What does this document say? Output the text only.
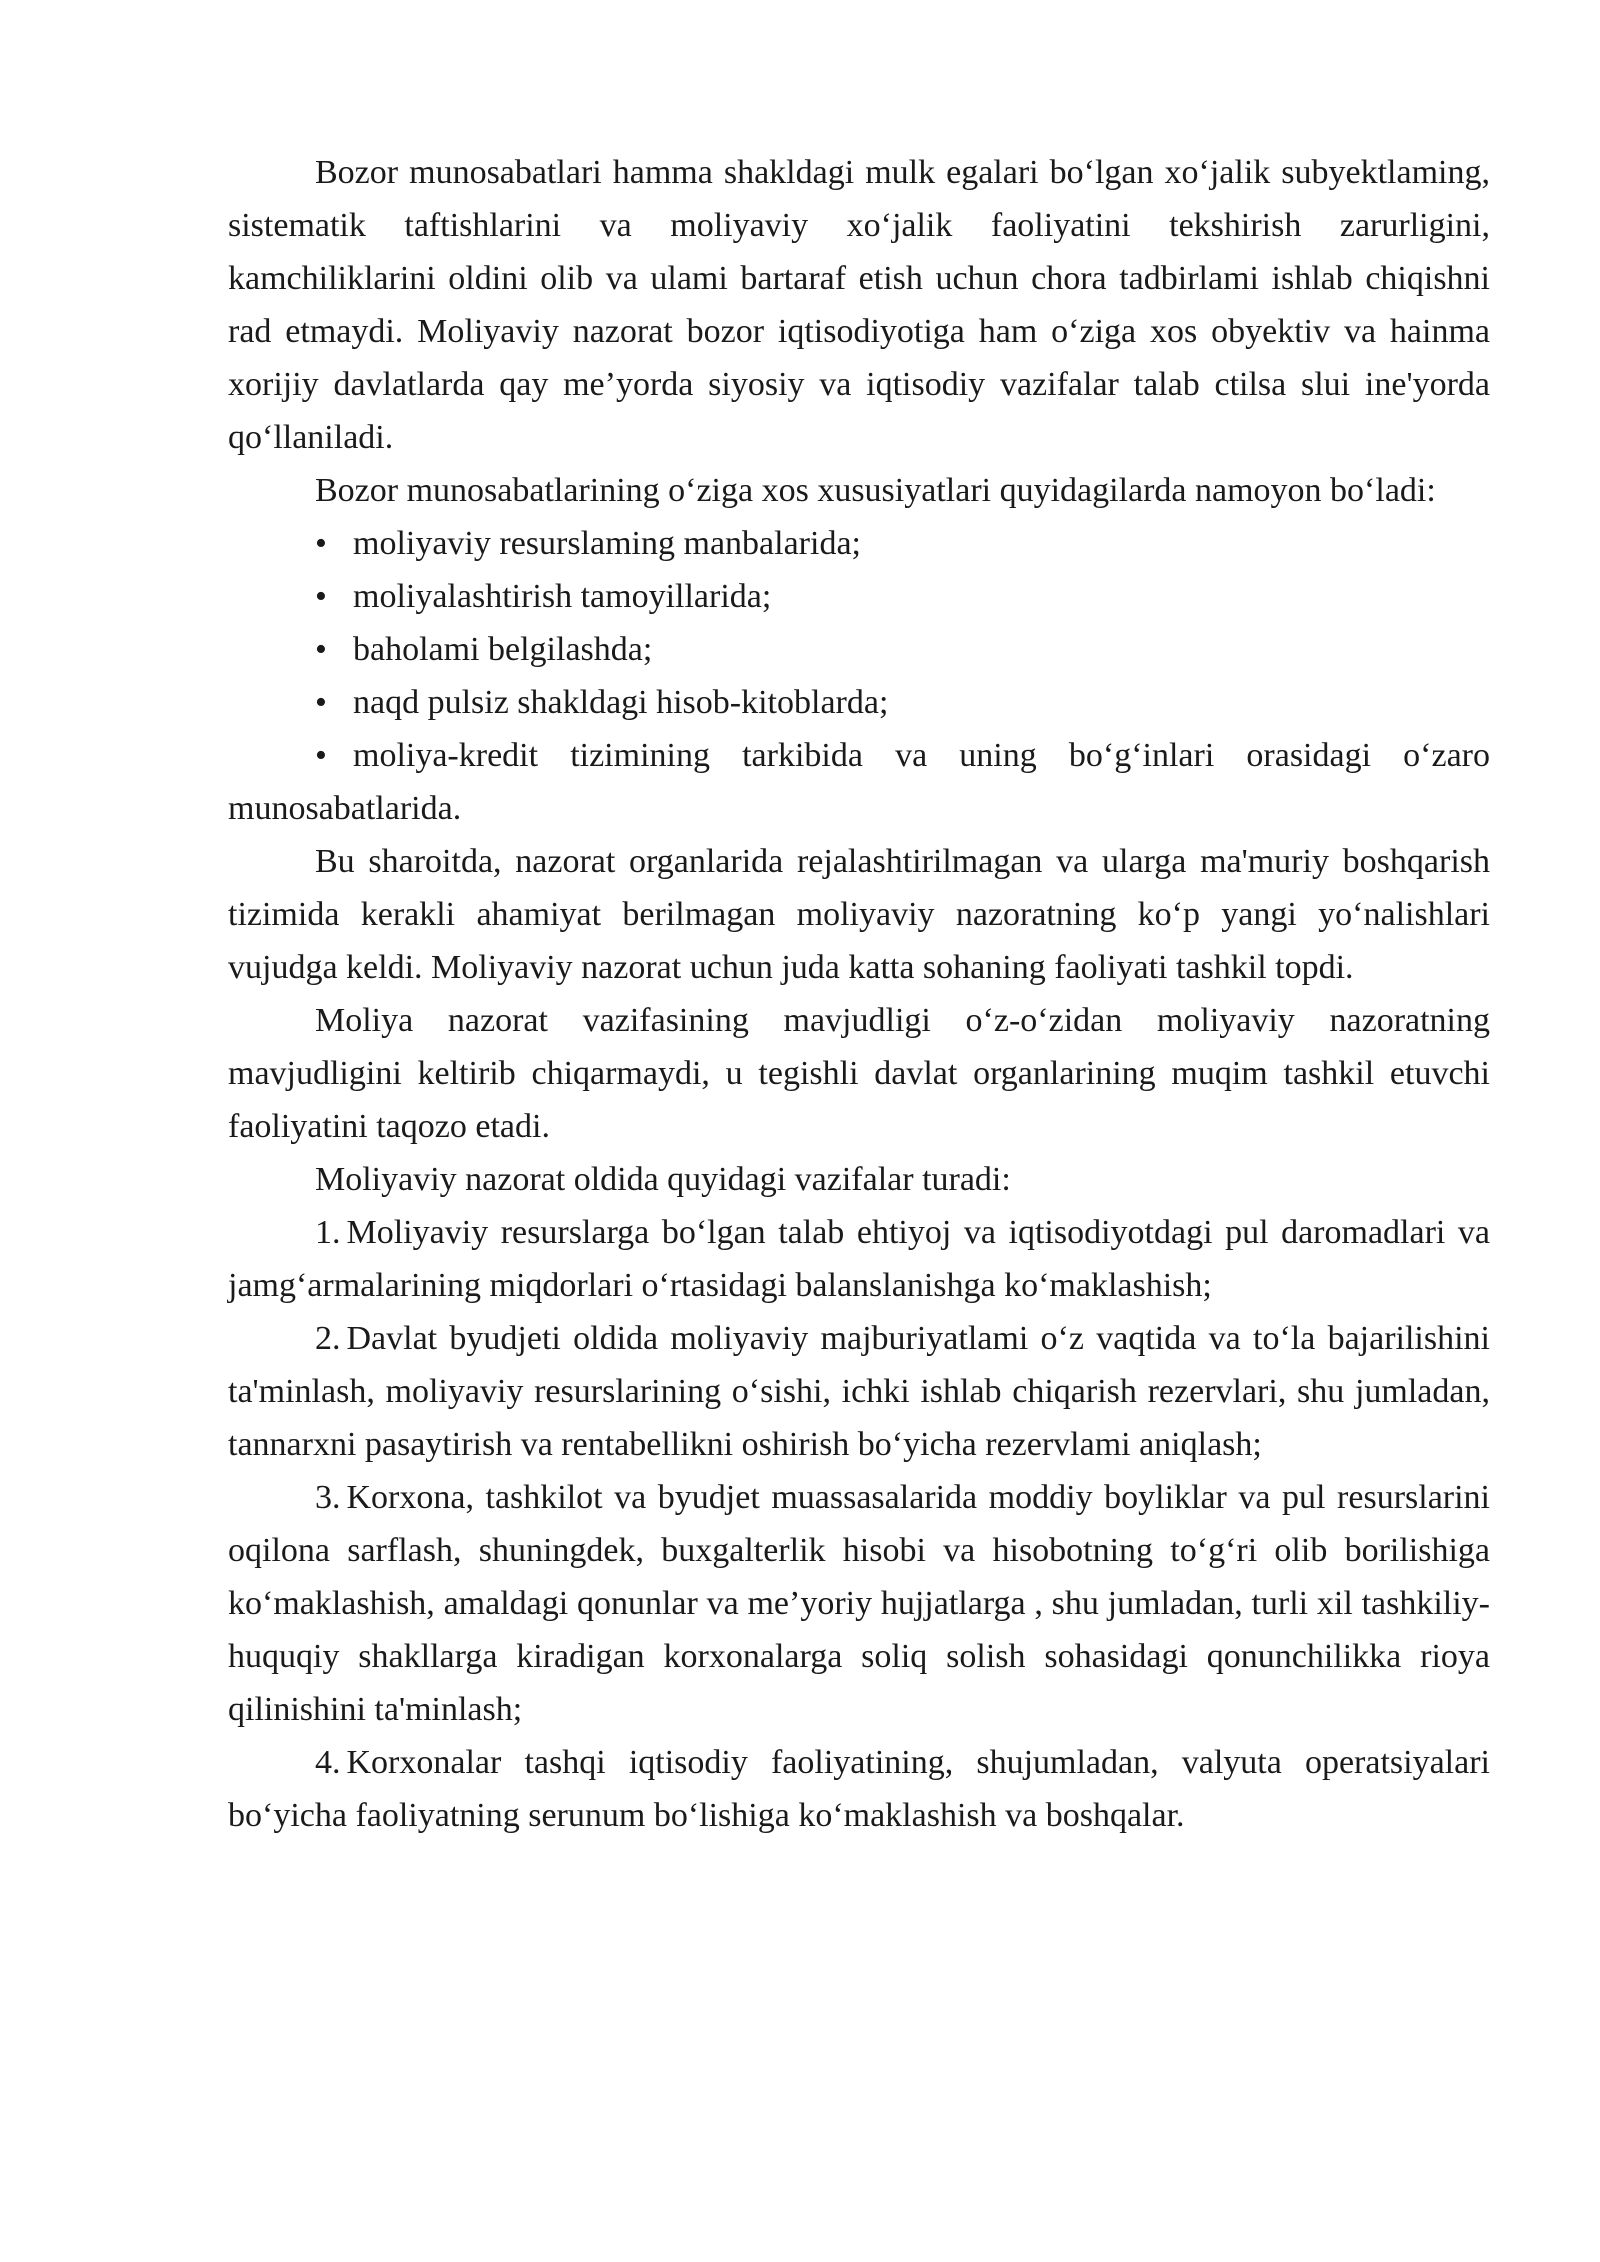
Bozor munosabatlari hamma shakldagi mulk egalari bo‘lgan xo‘jalik subyektlaming, sistematik taftishlarini va moliyaviy xo‘jalik faoliyatini tekshirish zarurligini, kamchiliklarini oldini olib va ulami bartaraf etish uchun chora tadbirlami ishlab chiqishni rad etmaydi. Moliyaviy nazorat bozor iqtisodiyotiga ham o‘ziga xos obyektiv va hainma xorijiy davlatlarda qay me’yorda siyosiy va iqtisodiy vazifalar talab ctilsa slui ine'yorda qo‘llaniladi.

Bozor munosabatlarining o‘ziga xos xususiyatlari quyidagilarda namoyon bo‘ladi:

• moliyaviy resurslaming manbalarida;

• moliyalashtirish tamoyillarida;

• baholami belgilashda;

• naqd pulsiz shakldagi hisob-kitoblarda;

• moliya-kredit tizimining tarkibida va uning bo‘g‘inlari orasidagi o‘zaro munosabatlarida.

Bu sharoitda, nazorat organlarida rejalashtirilmagan va ularga ma'muriy boshqarish tizimida kerakli ahamiyat berilmagan moliyaviy nazoratning ko‘p yangi yo‘nalishlari vujudga keldi. Moliyaviy nazorat uchun juda katta sohaning faoliyati tashkil topdi.

Moliya nazorat vazifasining mavjudligi o‘z-o‘zidan moliyaviy nazoratning mavjudligini keltirib chiqarmaydi, u tegishli davlat organlarining muqim tashkil etuvchi faoliyatini taqozo etadi.

Moliyaviy nazorat oldida quyidagi vazifalar turadi:

1. Moliyaviy resurslarga bo‘lgan talab ehtiyoj va iqtisodiyotdagi pul daromadlari va jamg‘armalarining miqdorlari o‘rtasidagi balanslanishga ko‘maklashish;

2. Davlat byudjeti oldida moliyaviy majburiyatlami o‘z vaqtida va to‘la bajarilishini ta'minlash, moliyaviy resurslarining o‘sishi, ichki ishlab chiqarish rezervlari, shu jumladan, tannarxni pasaytirish va rentabellikni oshirish bo‘yicha rezervlami aniqlash;

3. Korxona, tashkilot va byudjet muassasalarida moddiy boyliklar va pul resurslarini oqilona sarflash, shuningdek, buxgalterlik hisobi va hisobotning to‘g‘ri olib borilishiga ko‘maklashish, amaldagi qonunlar va me’yoriy hujjatlarga , shu jumladan, turli xil tashkiliy-huquqiy shakllarga kiradigan korxonalarga soliq solish sohasidagi qonunchilikka rioya qilinishini ta'minlash;

4. Korxonalar tashqi iqtisodiy faoliyatining, shujumladan, valyuta operatsiyalari bo‘yicha faoliyatning serunum bo‘lishiga ko‘maklashish va boshqalar.
